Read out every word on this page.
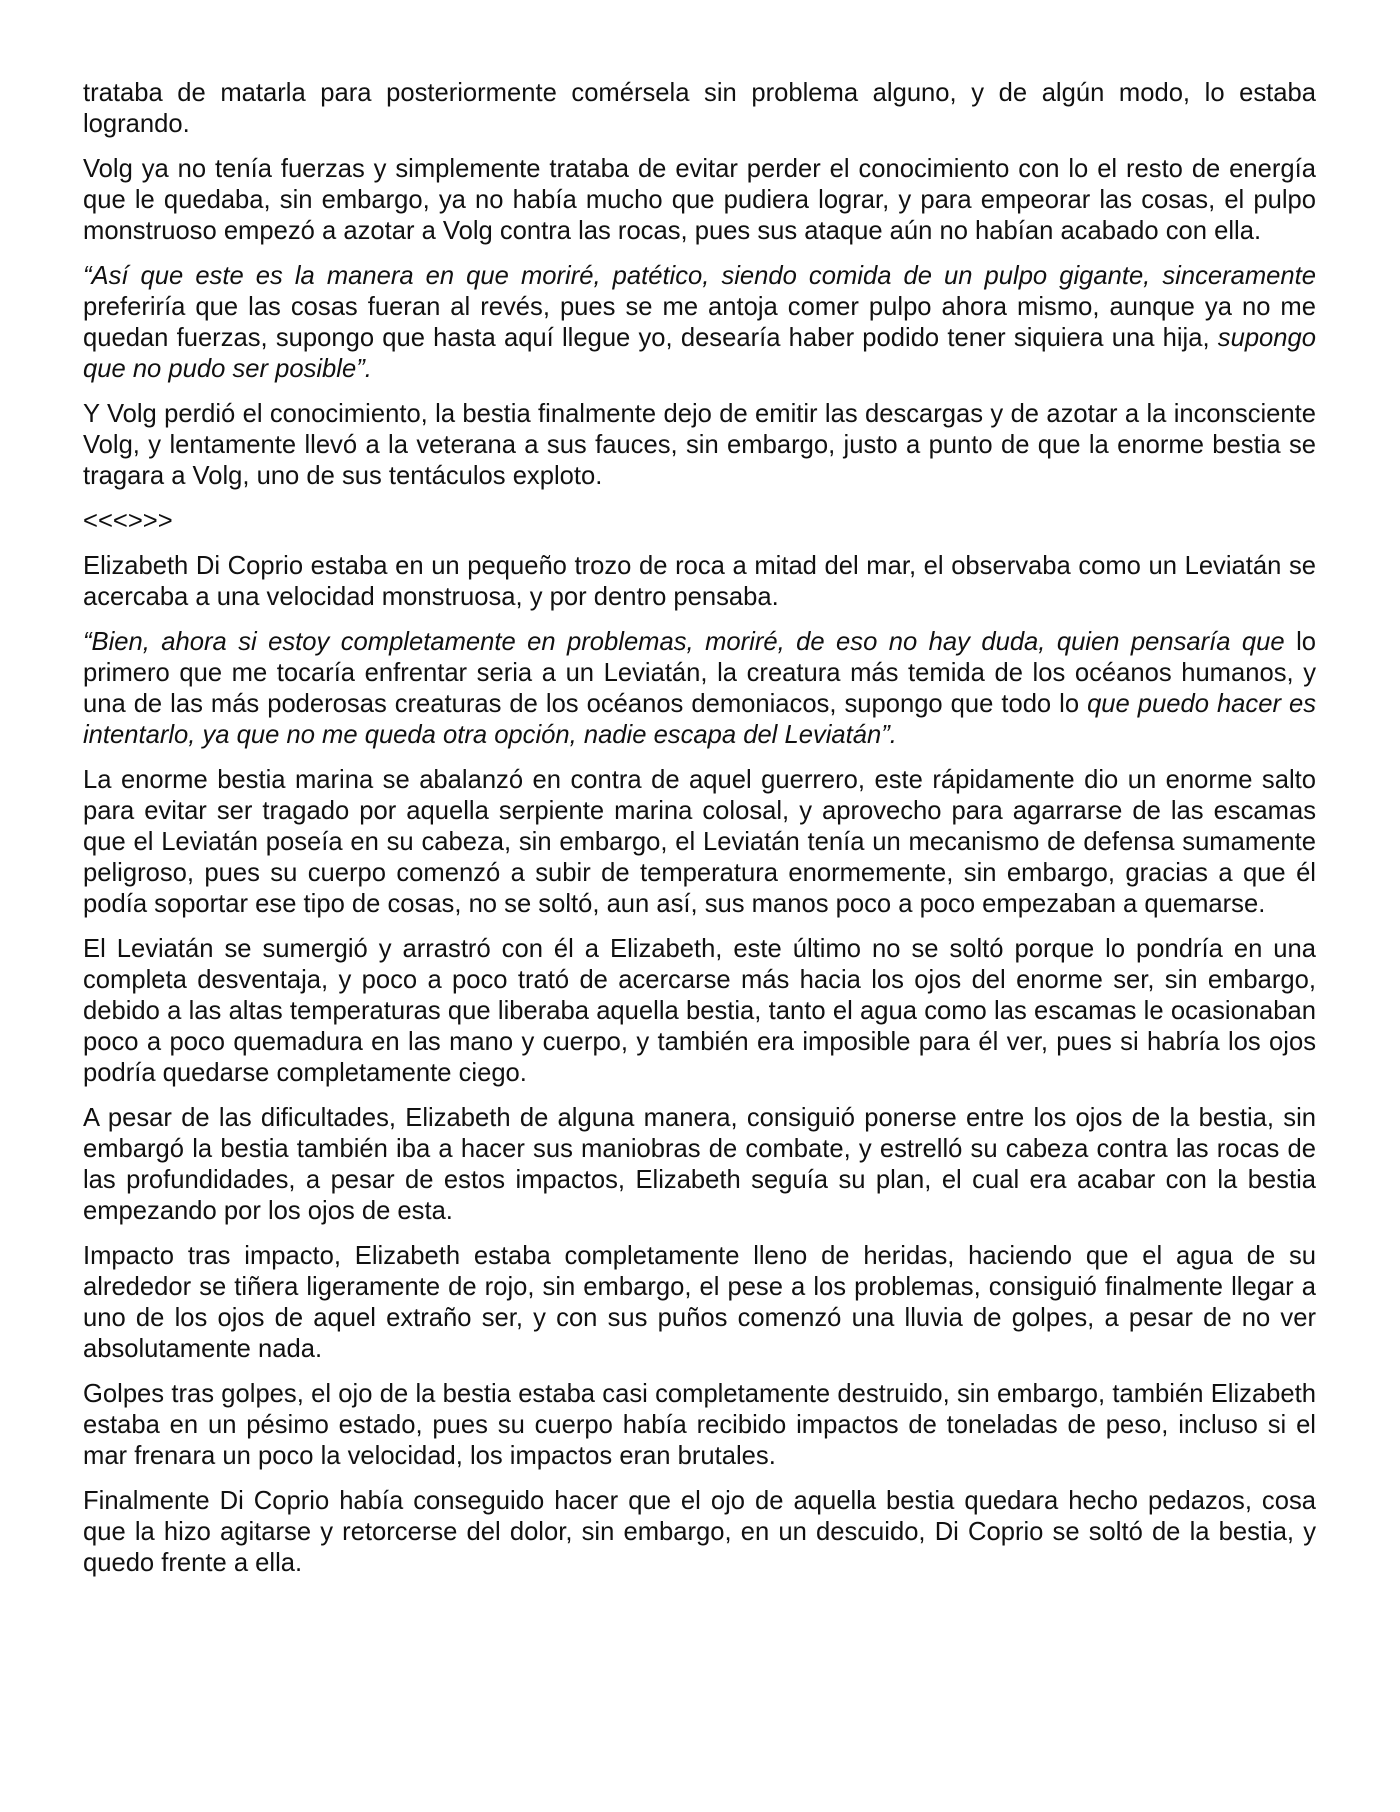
trataba de matarla para posteriormente comérsela sin problema alguno, y de algún modo, lo estaba logrando.

Volg ya no tenía fuerzas y simplemente trataba de evitar perder el conocimiento con lo el resto de energía que le quedaba, sin embargo, ya no había mucho que pudiera lograr, y para empeorar las cosas, el pulpo monstruoso empezó a azotar a Volg contra las rocas, pues sus ataque aún no habían acabado con ella.

“Así que este es la manera en que moriré, patético, siendo comida de un pulpo gigante, sinceramente preferiría que las cosas fueran al revés, pues se me antoja comer pulpo ahora mismo, aunque ya no me quedan fuerzas, supongo que hasta aquí llegue yo, desearía haber podido tener siquiera una hija, supongo que no pudo ser posible”.

Y Volg perdió el conocimiento, la bestia finalmente dejo de emitir las descargas y de azotar a la inconsciente Volg, y lentamente llevó a la veterana a sus fauces, sin embargo, justo a punto de que la enorme bestia se tragara a Volg, uno de sus tentáculos exploto.

<<<>>>

Elizabeth Di Coprio estaba en un pequeño trozo de roca a mitad del mar, el observaba como un Leviatán se acercaba a una velocidad monstruosa, y por dentro pensaba.

“Bien, ahora si estoy completamente en problemas, moriré, de eso no hay duda, quien pensaría que lo primero que me tocaría enfrentar seria a un Leviatán, la creatura más temida de los océanos humanos, y una de las más poderosas creaturas de los océanos demoniacos, supongo que todo lo que puedo hacer es intentarlo, ya que no me queda otra opción, nadie escapa del Leviatán”.

La enorme bestia marina se abalanzó en contra de aquel guerrero, este rápidamente dio un enorme salto para evitar ser tragado por aquella serpiente marina colosal, y aprovecho para agarrarse de las escamas que el Leviatán poseía en su cabeza, sin embargo, el Leviatán tenía un mecanismo de defensa sumamente peligroso, pues su cuerpo comenzó a subir de temperatura enormemente, sin embargo, gracias a que él podía soportar ese tipo de cosas, no se soltó, aun así, sus manos poco a poco empezaban a quemarse.

El Leviatán se sumergió y arrastró con él a Elizabeth, este último no se soltó porque lo pondría en una completa desventaja, y poco a poco trató de acercarse más hacia los ojos del enorme ser, sin embargo, debido a las altas temperaturas que liberaba aquella bestia, tanto el agua como las escamas le ocasionaban poco a poco quemadura en las mano y cuerpo, y también era imposible para él ver, pues si habría los ojos podría quedarse completamente ciego.

A pesar de las dificultades, Elizabeth de alguna manera, consiguió ponerse entre los ojos de la bestia, sin embargó la bestia también iba a hacer sus maniobras de combate, y estrelló su cabeza contra las rocas de las profundidades, a pesar de estos impactos, Elizabeth seguía su plan, el cual era acabar con la bestia empezando por los ojos de esta.

Impacto tras impacto, Elizabeth estaba completamente lleno de heridas, haciendo que el agua de su alrededor se tiñera ligeramente de rojo, sin embargo, el pese a los problemas, consiguió finalmente llegar a uno de los ojos de aquel extraño ser, y con sus puños comenzó una lluvia de golpes, a pesar de no ver absolutamente nada.

Golpes tras golpes, el ojo de la bestia estaba casi completamente destruido, sin embargo, también Elizabeth estaba en un pésimo estado, pues su cuerpo había recibido impactos de toneladas de peso, incluso si el mar frenara un poco la velocidad, los impactos eran brutales.

Finalmente Di Coprio había conseguido hacer que el ojo de aquella bestia quedara hecho pedazos, cosa que la hizo agitarse y retorcerse del dolor, sin embargo, en un descuido, Di Coprio se soltó de la bestia, y quedo frente a ella.
